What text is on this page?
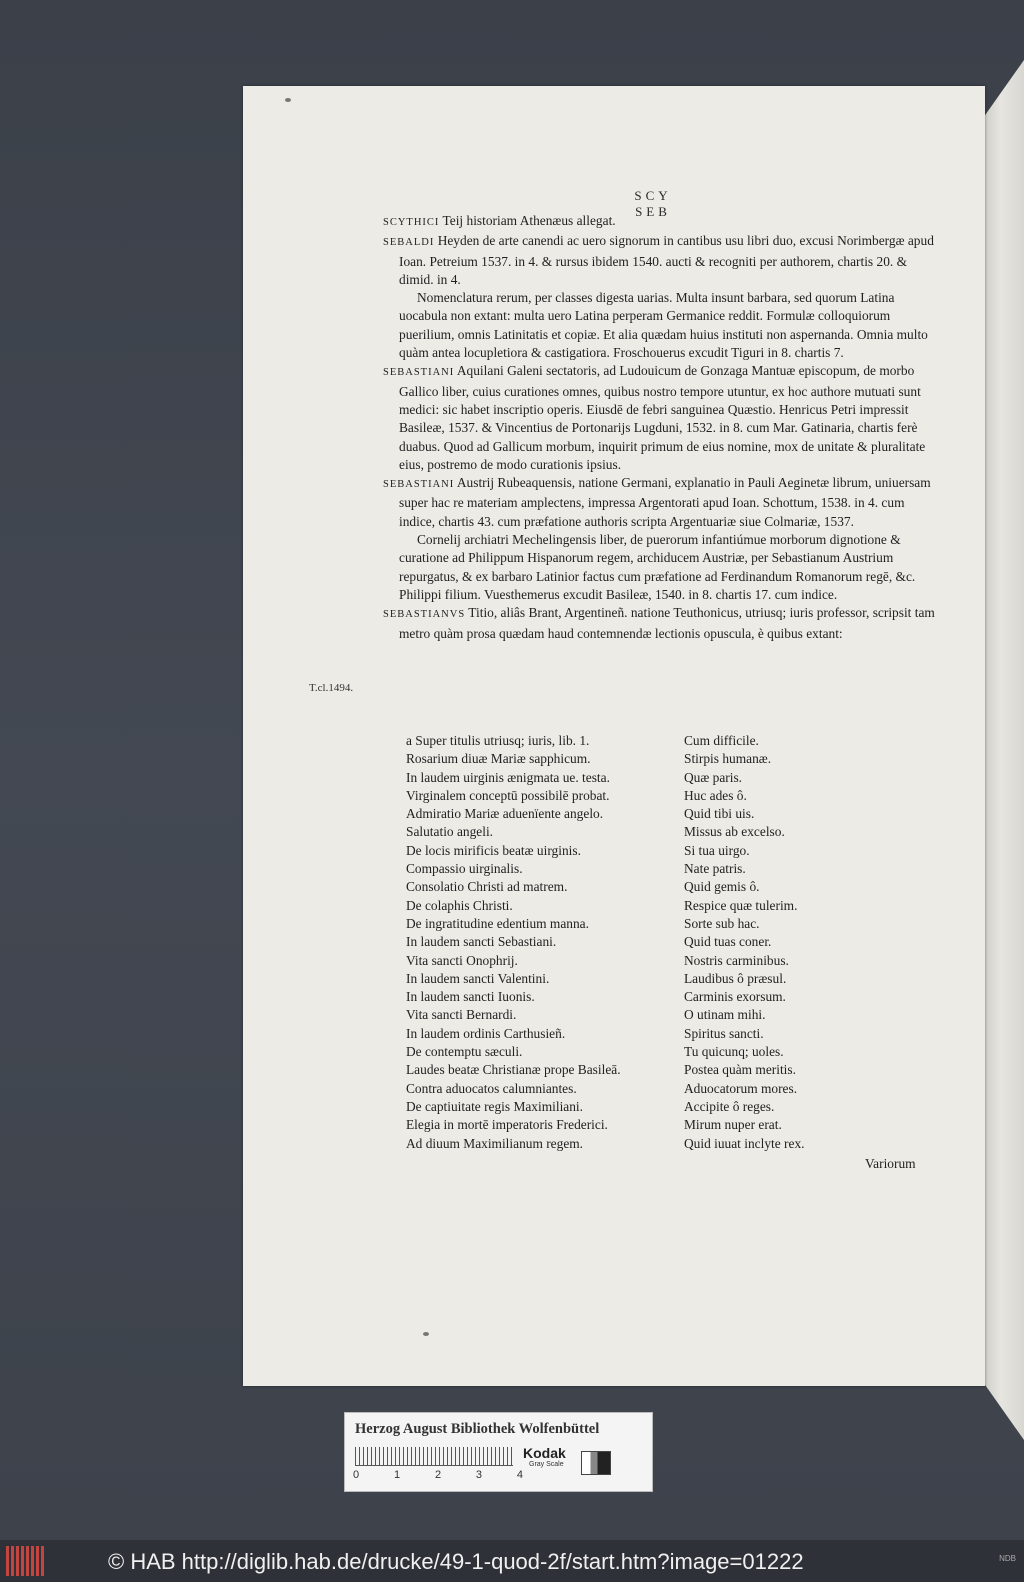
SCY SEB
T.cl.1494.

SCYTHICI Teij historiam Athenæus allegat.

SEBALDI Heyden de arte canendi ac uero signorum in cantibus usu libri duo, excusi Norimbergæ apud Ioan. Petreium 1537. in 4. & rursus ibidem 1540. aucti & recogniti per authorem, chartis 20. & dimid. in 4.

Nomenclatura rerum, per classes digesta uarias. Multa insunt barbara, sed quorum Latina uocabula non extant: multa uero Latina perperam Germanice reddit. Formulæ colloquiorum puerilium, omnis Latinitatis et copiæ. Et alia quædam huius instituti non aspernanda. Omnia multo quàm antea locupletiora & castigatiora. Froschouerus excudit Tiguri in 8. chartis 7.

SEBASTIANI Aquilani Galeni sectatoris, ad Ludouicum de Gonzaga Mantuæ episcopum, de morbo Gallico liber, cuius curationes omnes, quibus nostro tempore utuntur, ex hoc authore mutuati sunt medici: sic habet inscriptio operis. Eiusdē de febri sanguinea Quæstio. Henricus Petri impressit Basileæ, 1537. & Vincentius de Portonarijs Lugduni, 1532. in 8. cum Mar. Gatinaria, chartis ferè duabus. Quod ad Gallicum morbum, inquirit primum de eius nomine, mox de unitate & pluralitate eius, postremo de modo curationis ipsius.

SEBASTIANI Austrij Rubeaquensis, natione Germani, explanatio in Pauli Aeginetæ librum, uniuersam super hac re materiam amplectens, impressa Argentorati apud Ioan. Schottum, 1538. in 4. cum indice, chartis 43. cum præfatione authoris scripta Argentuariæ siue Colmariæ, 1537.

Cornelij archiatri Mechelingensis liber, de puerorum infantiúmue morborum dignotione & curatione ad Philippum Hispanorum regem, archiducem Austriæ, per Sebastianum Austrium repurgatus, & ex barbaro Latinior factus cum præfatione ad Ferdinandum Romanorum regē, &c. Philippi filium. Vuesthemerus excudit Basileæ, 1540. in 8. chartis 17. cum indice.

SEBASTIANVS Titio, aliâs Brant, Argentineñ. natione Teuthonicus, utriusq; iuris professor, scripsit tam metro quàm prosa quædam haud contemnendæ lectionis opuscula, è quibus extant:

a Super titulis utriusq; iuris, lib. 1.	Cum difficile.
Rosarium diuæ Mariæ sapphicum.	Stirpis humanæ.
In laudem uirginis ænigmata ue. testa.	Quæ paris.
Virginalem conceptū possibilē probat.	Huc ades ô.
Admiratio Mariæ aduenïente angelo.	Quid tibi uis.
Salutatio angeli.	Missus ab excelso.
De locis mirificis beatæ uirginis.	Si tua uirgo.
Compassio uirginalis.	Nate patris.
Consolatio Christi ad matrem.	Quid gemis ô.
De colaphis Christi.	Respice quæ tulerim.
De ingratitudine edentium manna.	Sorte sub hac.
In laudem sancti Sebastiani.	Quid tuas coner.
Vita sancti Onophrij.	Nostris carminibus.
In laudem sancti Valentini.	Laudibus ô præsul.
In laudem sancti Iuonis.	Carminis exorsum.
Vita sancti Bernardi.	O utinam mihi.
In laudem ordinis Carthusieñ.	Spiritus sancti.
De contemptu sæculi.	Tu quicunq; uoles.
Laudes beatæ Christianæ prope Basileā.	Postea quàm meritis.
Contra aduocatos calumniantes.	Aduocatorum mores.
De captiuitate regis Maximiliani.	Accipite ô reges.
Elegia in mortē imperatoris Frederici.	Mirum nuper erat.
Ad diuum Maximilianum regem.	Quid iuuat inclyte rex.
Variorum
Herzog August Bibliothek Wolfenbüttel
0	1	2	3	4
Kodak
Gray Scale
© HAB http://diglib.hab.de/drucke/49-1-quod-2f/start.htm?image=01222	NDB
